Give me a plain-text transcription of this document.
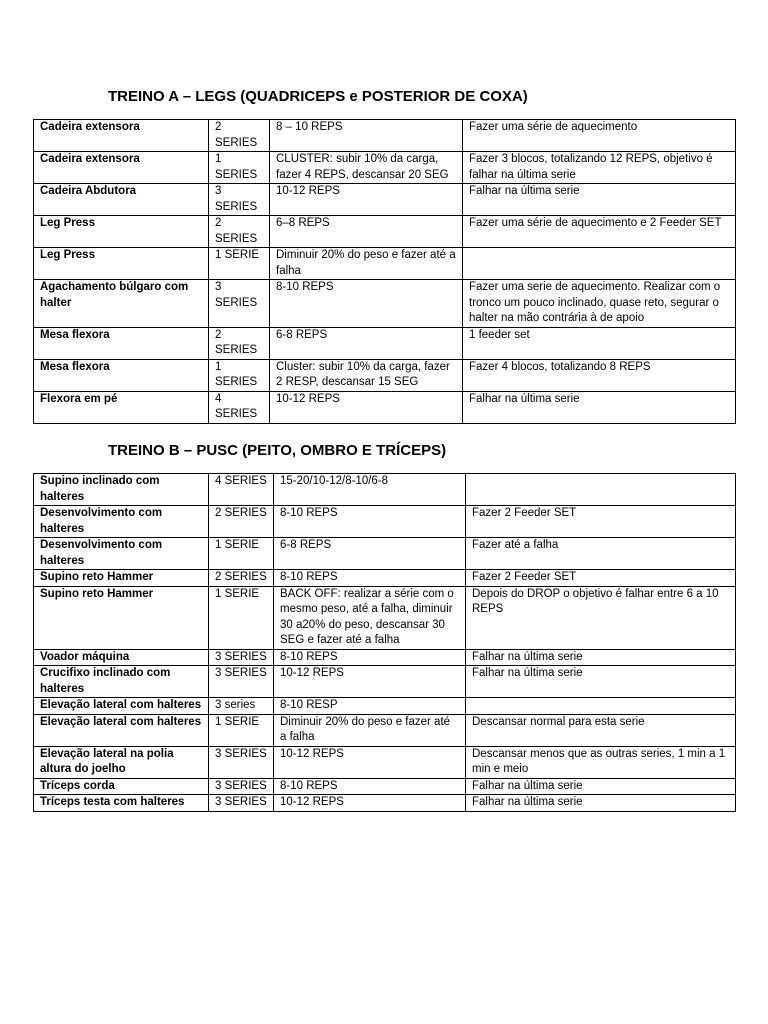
TREINO A – LEGS (QUADRICEPS e POSTERIOR DE COXA)
Cadeira extensora	2 SERIES	8 – 10 REPS	Fazer uma série de aquecimento
Cadeira extensora	1 SERIES	CLUSTER: subir 10% da carga, fazer 4 REPS, descansar 20 SEG	Fazer 3 blocos, totalizando 12 REPS, objetivo é falhar na última serie
Cadeira Abdutora	3 SERIES	10-12 REPS	Falhar na última serie
Leg Press	2 SERIES	6–8 REPS	Fazer uma série de aquecimento e 2 Feeder SET
Leg Press	1 SERIE	Diminuir 20% do peso e fazer até a falha	
Agachamento búlgaro com halter	3 SERIES	8-10 REPS	Fazer uma serie de aquecimento. Realizar com o tronco um pouco inclinado, quase reto, segurar o halter na mão contrária à de apoio
Mesa flexora	2 SERIES	6-8 REPS	1 feeder set
Mesa flexora	1 SERIES	Cluster: subir 10% da carga, fazer 2 RESP, descansar 15 SEG	Fazer 4 blocos, totalizando 8 REPS
Flexora em pé	4 SERIES	10-12 REPS	Falhar na última serie
TREINO B – PUSC (PEITO, OMBRO E TRÍCEPS)
Supino inclinado com halteres	4 SERIES	15-20/10-12/8-10/6-8	
Desenvolvimento com halteres	2 SERIES	8-10 REPS	Fazer 2 Feeder SET
Desenvolvimento com halteres	1 SERIE	6-8 REPS	Fazer até a falha
Supino reto Hammer	2 SERIES	8-10 REPS	Fazer 2 Feeder SET
Supino reto Hammer	1 SERIE	BACK OFF: realizar a série com o mesmo peso, até a falha, diminuir 30 a20% do peso, descansar 30 SEG e fazer até a falha	Depois do DROP o objetivo é falhar entre 6 a 10 REPS
Voador máquina	3 SERIES	8-10 REPS	Falhar na última serie
Crucifixo inclinado com halteres	3 SERIES	10-12 REPS	Falhar na última serie
Elevação lateral com halteres	3 series	8-10 RESP	
Elevação lateral com halteres	1 SERIE	Diminuir 20% do peso e fazer até a falha	Descansar normal para esta serie
Elevação lateral na polia altura do joelho	3 SERIES	10-12 REPS	Descansar menos que as outras series, 1 min a 1 min e meio
Tríceps corda	3 SERIES	8-10 REPS	Falhar na última serie
Tríceps testa com halteres	3 SERIES	10-12 REPS	Falhar na última serie
